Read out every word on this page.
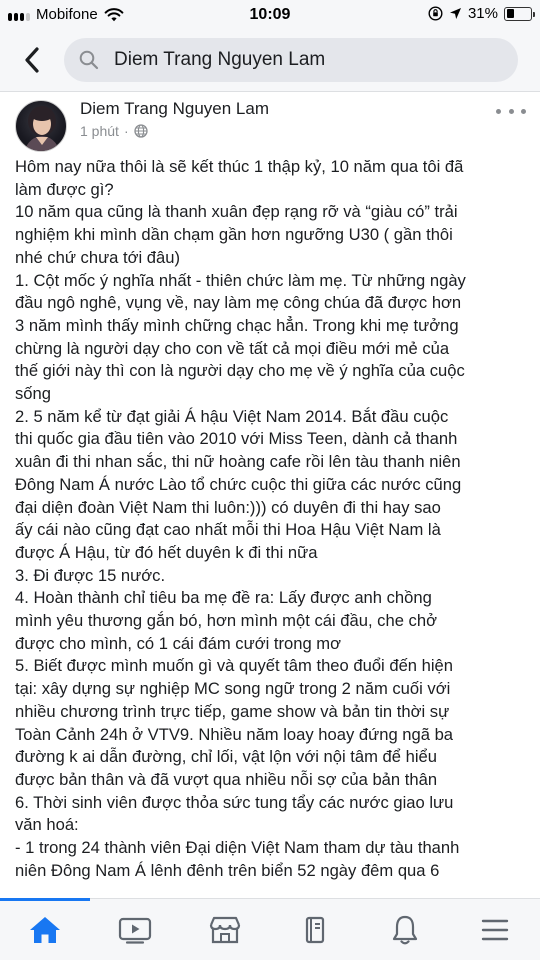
Mobifone	10:09	31%
Diem Trang Nguyen Lam
Diem Trang Nguyen Lam
1 phút ·
Hôm nay nữa thôi là sẽ kết thúc 1 thập kỷ, 10 năm qua tôi đã
làm được gì?
10 năm qua cũng là thanh xuân đẹp rạng rỡ và “giàu có” trải
nghiệm khi mình dần chạm gần hơn ngưỡng U30 ( gần thôi
nhé chứ chưa tới đâu)
1. Cột mốc ý nghĩa nhất - thiên chức làm mẹ. Từ những ngày
đầu ngô nghê, vụng về, nay làm mẹ công chúa đã được hơn
3 năm mình thấy mình chững chạc hẳn. Trong khi mẹ tưởng
chừng là người dạy cho con về tất cả mọi điều mới mẻ của
thế giới này thì con là người dạy cho mẹ về ý nghĩa của cuộc
sống
2. 5 năm kể từ đạt giải Á hậu Việt Nam 2014. Bắt đầu cuộc
thi quốc gia đầu tiên vào 2010 với Miss Teen, dành cả thanh
xuân đi thi nhan sắc, thi nữ hoàng cafe rồi lên tàu thanh niên
Đông Nam Á nước Lào tổ chức cuộc thi giữa các nước cũng
đại diện đoàn Việt Nam thi luôn:))) có duyên đi thi hay sao
ấy cái nào cũng đạt cao nhất mỗi thi Hoa Hậu Việt Nam là
được Á Hậu, từ đó hết duyên k đi thi nữa
3. Đi được 15 nước.
4. Hoàn thành chỉ tiêu ba mẹ đề ra: Lấy được anh chồng
mình yêu thương gắn bó, hơn mình một cái đầu, che chở
được cho mình, có 1 cái đám cưới trong mơ
5. Biết được mình muốn gì và quyết tâm theo đuổi đến hiện
tại: xây dựng sự nghiệp MC song ngữ trong 2 năm cuối với
nhiều chương trình trực tiếp, game show và bản tin thời sự
Toàn Cảnh 24h ở VTV9. Nhiều năm loay hoay đứng ngã ba
đường k ai dẫn đường, chỉ lối, vật lộn với nội tâm để hiểu
được bản thân và đã vượt qua nhiều nỗi sợ của bản thân
6. Thời sinh viên được thỏa sức tung tẩy các nước giao lưu
văn hoá:
- 1 trong 24 thành viên Đại diện Việt Nam tham dự tàu thanh
niên Đông Nam Á lênh đênh trên biển 52 ngày đêm qua 6
